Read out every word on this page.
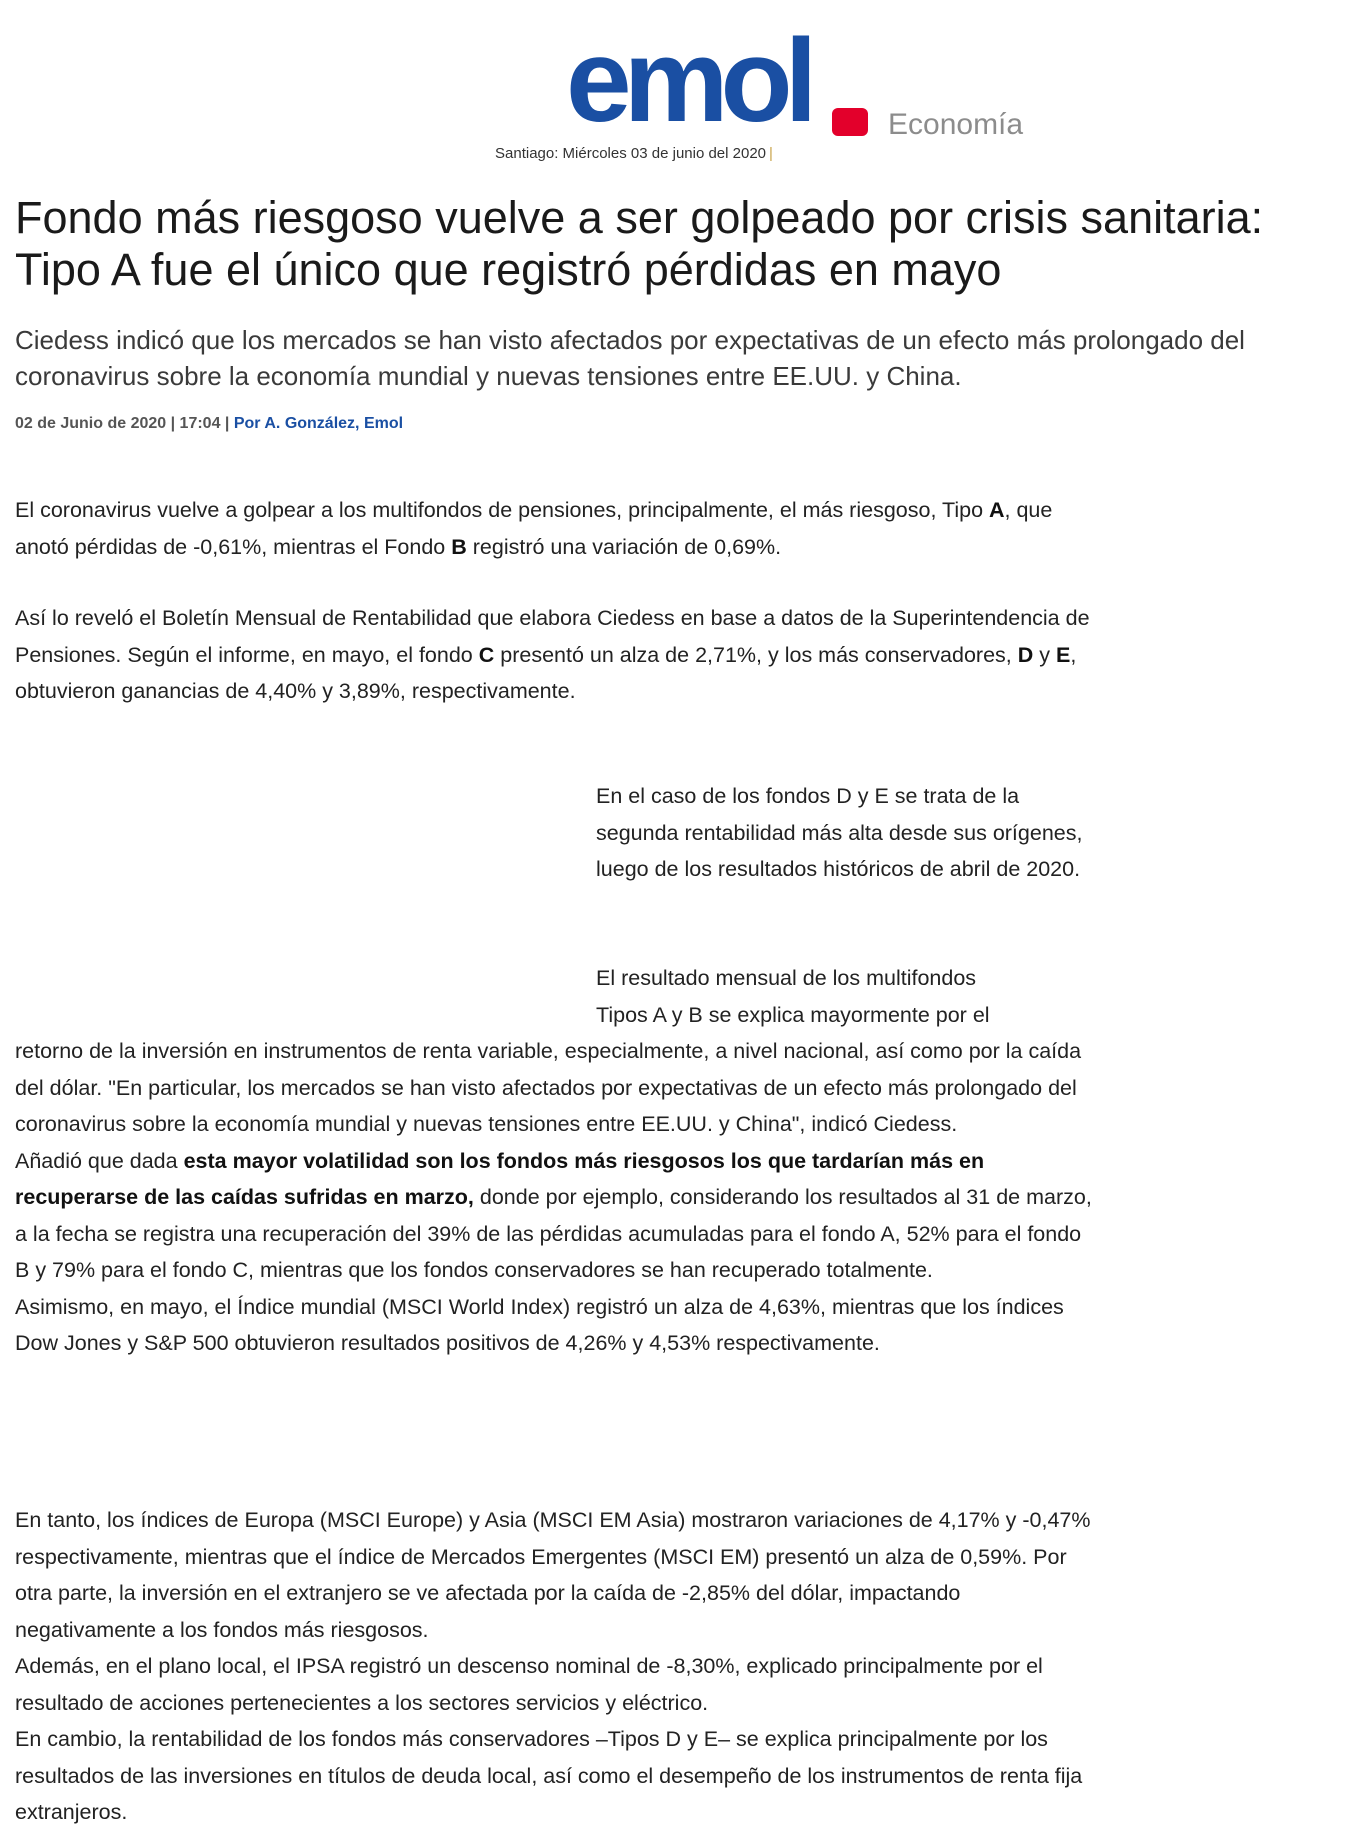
emol	Economía
Santiago: Miércoles 03 de junio del 2020 |
Fondo más riesgoso vuelve a ser golpeado por crisis sanitaria: Tipo A fue el único que registró pérdidas en mayo

Ciedess indicó que los mercados se han visto afectados por expectativas de un efecto más prolongado del coronavirus sobre la economía mundial y nuevas tensiones entre EE.UU. y China.

02 de Junio de 2020 | 17:04 | Por A. González, Emol

El coronavirus vuelve a golpear a los multifondos de pensiones, principalmente, el más riesgoso, Tipo A, que anotó pérdidas de -0,61%, mientras el Fondo B registró una variación de 0,69%.

Así lo reveló el Boletín Mensual de Rentabilidad que elabora Ciedess en base a datos de la Superintendencia de Pensiones. Según el informe, en mayo, el fondo C presentó un alza de 2,71%, y los más conservadores, D y E, obtuvieron ganancias de 4,40% y 3,89%, respectivamente.

En el caso de los fondos D y E se trata de la segunda rentabilidad más alta desde sus orígenes, luego de los resultados históricos de abril de 2020.

El resultado mensual de los multifondos
Tipos A y B se explica mayormente por el
retorno de la inversión en instrumentos de renta variable, especialmente, a nivel nacional, así como por la caída del dólar. "En particular, los mercados se han visto afectados por expectativas de un efecto más prolongado del coronavirus sobre la economía mundial y nuevas tensiones entre EE.UU. y China", indicó Ciedess.

Añadió que dada esta mayor volatilidad son los fondos más riesgosos los que tardarían más en recuperarse de las caídas sufridas en marzo, donde por ejemplo, considerando los resultados al 31 de marzo, a la fecha se registra una recuperación del 39% de las pérdidas acumuladas para el fondo A, 52% para el fondo B y 79% para el fondo C, mientras que los fondos conservadores se han recuperado totalmente.

Asimismo, en mayo, el Índice mundial (MSCI World Index) registró un alza de 4,63%, mientras que los índices Dow Jones y S&P 500 obtuvieron resultados positivos de 4,26% y 4,53% respectivamente.

En tanto, los índices de Europa (MSCI Europe) y Asia (MSCI EM Asia) mostraron variaciones de 4,17% y -0,47% respectivamente, mientras que el índice de Mercados Emergentes (MSCI EM) presentó un alza de 0,59%. Por otra parte, la inversión en el extranjero se ve afectada por la caída de -2,85% del dólar, impactando negativamente a los fondos más riesgosos.

Además, en el plano local, el IPSA registró un descenso nominal de -8,30%, explicado principalmente por el resultado de acciones pertenecientes a los sectores servicios y eléctrico.

En cambio, la rentabilidad de los fondos más conservadores –Tipos D y E– se explica principalmente por los resultados de las inversiones en títulos de deuda local, así como el desempeño de los instrumentos de renta fija extranjeros.
